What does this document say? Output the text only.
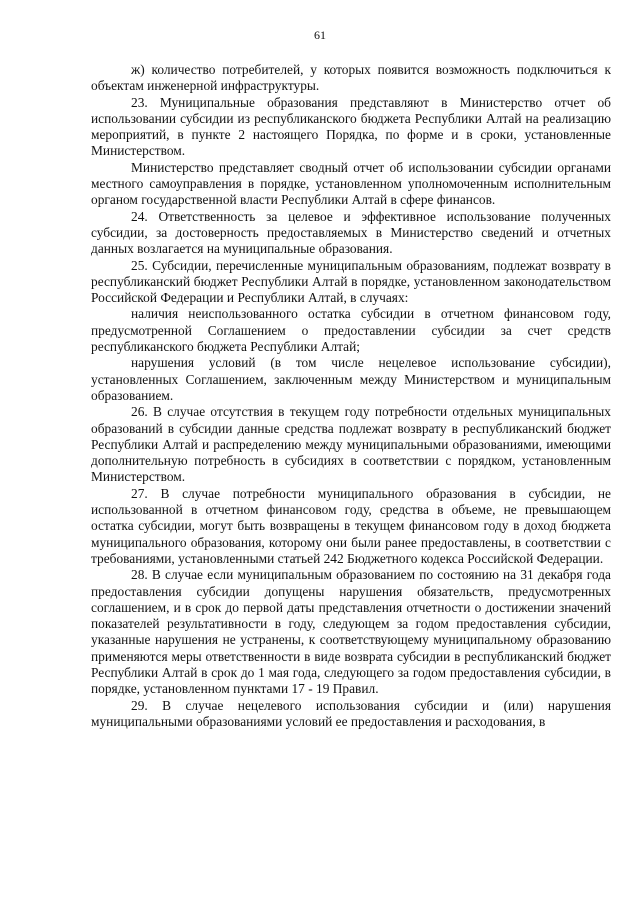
61

ж) количество потребителей, у которых появится возможность подключиться к объектам инженерной инфраструктуры.

23. Муниципальные образования представляют в Министерство отчет об использовании субсидии из республиканского бюджета Республики Алтай на реализацию мероприятий, в пункте 2 настоящего Порядка, по форме и в сроки, установленные Министерством.

Министерство представляет сводный отчет об использовании субсидии органами местного самоуправления в порядке, установленном уполномоченным исполнительным органом государственной власти Республики Алтай в сфере финансов.

24. Ответственность за целевое и эффективное использование полученных субсидии, за достоверность предоставляемых в Министерство сведений и отчетных данных возлагается на муниципальные образования.

25. Субсидии, перечисленные муниципальным образованиям, подлежат возврату в республиканский бюджет Республики Алтай в порядке, установленном законодательством Российской Федерации и Республики Алтай, в случаях:

наличия неиспользованного остатка субсидии в отчетном финансовом году, предусмотренной Соглашением о предоставлении субсидии за счет средств республиканского бюджета Республики Алтай;

нарушения условий (в том числе нецелевое использование субсидии), установленных Соглашением, заключенным между Министерством и муниципальным образованием.

26. В случае отсутствия в текущем году потребности отдельных муниципальных образований в субсидии данные средства подлежат возврату в республиканский бюджет Республики Алтай и распределению между муниципальными образованиями, имеющими дополнительную потребность в субсидиях в соответствии с порядком, установленным Министерством.

27. В случае потребности муниципального образования в субсидии, не использованной в отчетном финансовом году, средства в объеме, не превышающем остатка субсидии, могут быть возвращены в текущем финансовом году в доход бюджета муниципального образования, которому они были ранее предоставлены, в соответствии с требованиями, установленными статьей 242 Бюджетного кодекса Российской Федерации.

28. В случае если муниципальным образованием по состоянию на 31 декабря года предоставления субсидии допущены нарушения обязательств, предусмотренных соглашением, и в срок до первой даты представления отчетности о достижении значений показателей результативности в году, следующем за годом предоставления субсидии, указанные нарушения не устранены, к соответствующему муниципальному образованию применяются меры ответственности в виде возврата субсидии в республиканский бюджет Республики Алтай в срок до 1 мая года, следующего за годом предоставления субсидии, в порядке, установленном пунктами 17 - 19 Правил.

29. В случае нецелевого использования субсидии и (или) нарушения муниципальными образованиями условий ее предоставления и расходования, в
